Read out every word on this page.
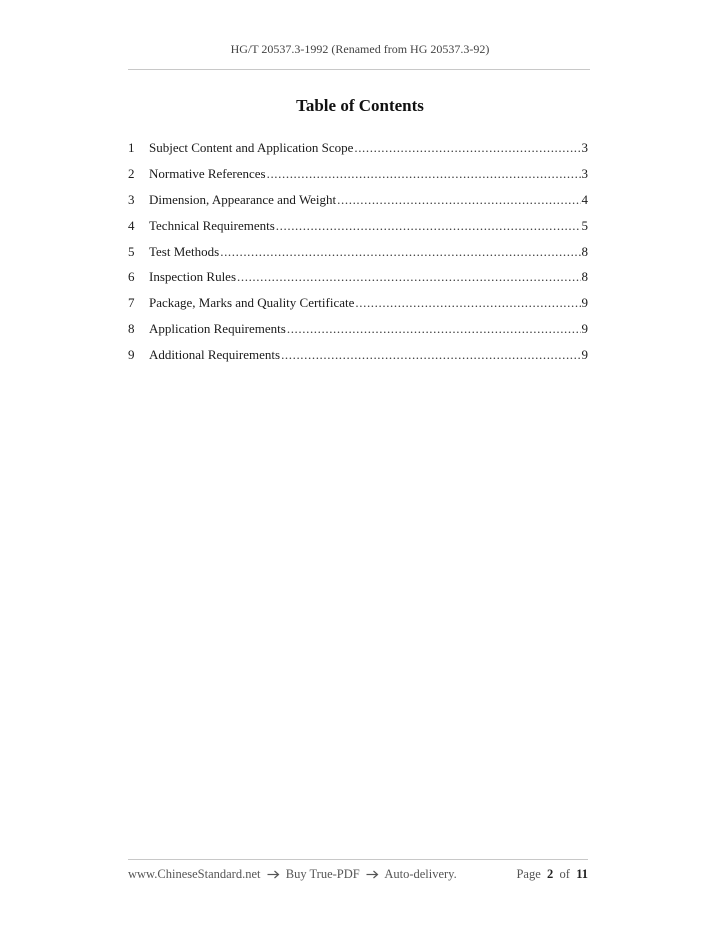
HG/T 20537.3-1992 (Renamed from HG 20537.3-92)
Table of Contents
1	Subject Content and Application Scope .....	3
2	Normative References .....	3
3	Dimension, Appearance and Weight .....	4
4	Technical Requirements .....	5
5	Test Methods .....	8
6	Inspection Rules .....	8
7	Package, Marks and Quality Certificate .....	9
8	Application Requirements .....	9
9	Additional Requirements .....	9
www.ChineseStandard.net Buy True-PDF Auto-delivery.	Page 2 of 11
